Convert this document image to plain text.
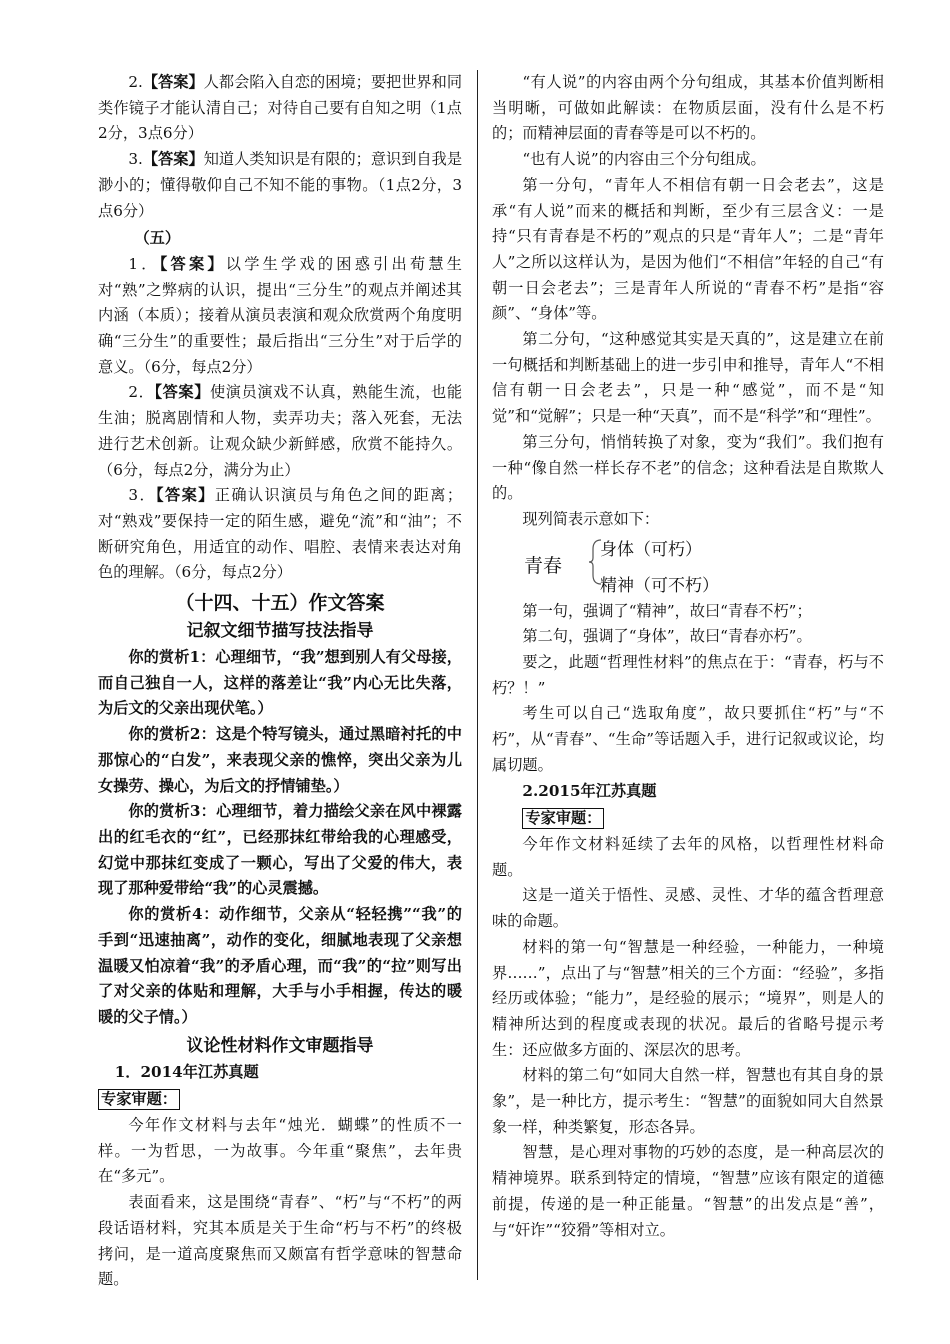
2.【答案】人都会陷入自恋的困境；要把世界和同类作镜子才能认清自己；对待自己要有自知之明（1点2分，3点6分）

3.【答案】知道人类知识是有限的；意识到自我是渺小的；懂得敬仰自己不知不能的事物。（1点2分，3点6分）

（五）

1．【答案】以学生学戏的困惑引出荀慧生对“熟”之弊病的认识，提出“三分生”的观点并阐述其内涵（本质）；接着从演员表演和观众欣赏两个角度明确“三分生”的重要性；最后指出“三分生”对于后学的意义。（6分，每点2分）

2．【答案】使演员演戏不认真，熟能生流，也能生油；脱离剧情和人物，卖弄功夫；落入死套，无法进行艺术创新。让观众缺少新鲜感，欣赏不能持久。（6分，每点2分，满分为止）

3．【答案】正确认识演员与角色之间的距离；对“熟戏”要保持一定的陌生感，避免“流”和“油”；不断研究角色，用适宜的动作、唱腔、表情来表达对角色的理解。（6分，每点2分）

（十四、十五）作文答案

记叙文细节描写技法指导

你的赏析1：心理细节，“我”想到别人有父母接，而自己独自一人，这样的落差让“我”内心无比失落，为后文的父亲出现伏笔。）

你的赏析2：这是个特写镜头，通过黑暗衬托的中那惊心的“白发”，来表现父亲的憔悴，突出父亲为儿女操劳、操心，为后文的抒情铺垫。）

你的赏析3：心理细节，着力描绘父亲在风中裸露出的红毛衣的“红”，已经那抹红带给我的心理感受，幻觉中那抹红变成了一颗心，写出了父爱的伟大，表现了那种爱带给“我”的心灵震撼。

你的赏析4：动作细节，父亲从“轻轻携”“我”的手到“迅速抽离”，动作的变化，细腻地表现了父亲想温暖又怕凉着“我”的矛盾心理，而“我”的“拉”则写出了对父亲的体贴和理解，大手与小手相握，传达的暖暖的父子情。）

议论性材料作文审题指导

1．2014年江苏真题

专家审题：

今年作文材料与去年“烛光．蝴蝶”的性质不一样。一为哲思，一为故事。今年重“聚焦”，去年贵在“多元”。

表面看来，这是围绕“青春”、“朽”与“不朽”的两段话语材料，究其本质是关于生命“朽与不朽”的终极拷问，是一道高度聚焦而又颇富有哲学意味的智慧命题。

“有人说”的内容由两个分句组成，其基本价值判断相当明晰，可做如此解读：在物质层面，没有什么是不朽的；而精神层面的青春等是可以不朽的。

“也有人说”的内容由三个分句组成。

第一分句，“青年人不相信有朝一日会老去”，这是承“有人说”而来的概括和判断，至少有三层含义：一是持“只有青春是不朽的”观点的只是“青年人”；二是“青年人”之所以这样认为，是因为他们“不相信”年轻的自己“有朝一日会老去”；三是青年人所说的“青春不朽”是指“容颜”、“身体”等。

第二分句，“这种感觉其实是天真的”，这是建立在前一句概括和判断基础上的进一步引申和推导，青年人“不相信有朝一日会老去”，只是一种“感觉”，而不是“知觉”和“觉解”；只是一种“天真”，而不是“科学”和“理性”。

第三分句，悄悄转换了对象，变为“我们”。我们抱有一种“像自然一样长存不老”的信念；这种看法是自欺欺人的。

现列简表示意如下：

青春
身体（可朽）
精神（可不朽）

第一句，强调了“精神”，故曰“青春不朽”；

第二句，强调了“身体”，故曰“青春亦朽”。

要之，此题“哲理性材料”的焦点在于：“青春，朽与不朽？！”

考生可以自己“选取角度”，故只要抓住“朽”与“不朽”，从“青春”、“生命”等话题入手，进行记叙或议论，均属切题。

2.2015年江苏真题

专家审题：

今年作文材料延续了去年的风格，以哲理性材料命题。

这是一道关于悟性、灵感、灵性、才华的蕴含哲理意味的命题。

材料的第一句“智慧是一种经验，一种能力，一种境界……”，点出了与“智慧”相关的三个方面：“经验”，多指经历或体验；“能力”，是经验的展示；“境界”，则是人的精神所达到的程度或表现的状况。最后的省略号提示考生：还应做多方面的、深层次的思考。

材料的第二句“如同大自然一样，智慧也有其自身的景象”，是一种比方，提示考生：“智慧”的面貌如同大自然景象一样，种类繁复，形态各异。

智慧，是心理对事物的巧妙的态度，是一种高层次的精神境界。联系到特定的情境，“智慧”应该有限定的道德前提，传递的是一种正能量。“智慧”的出发点是“善”，与“奸诈”“狡猾”等相对立。
